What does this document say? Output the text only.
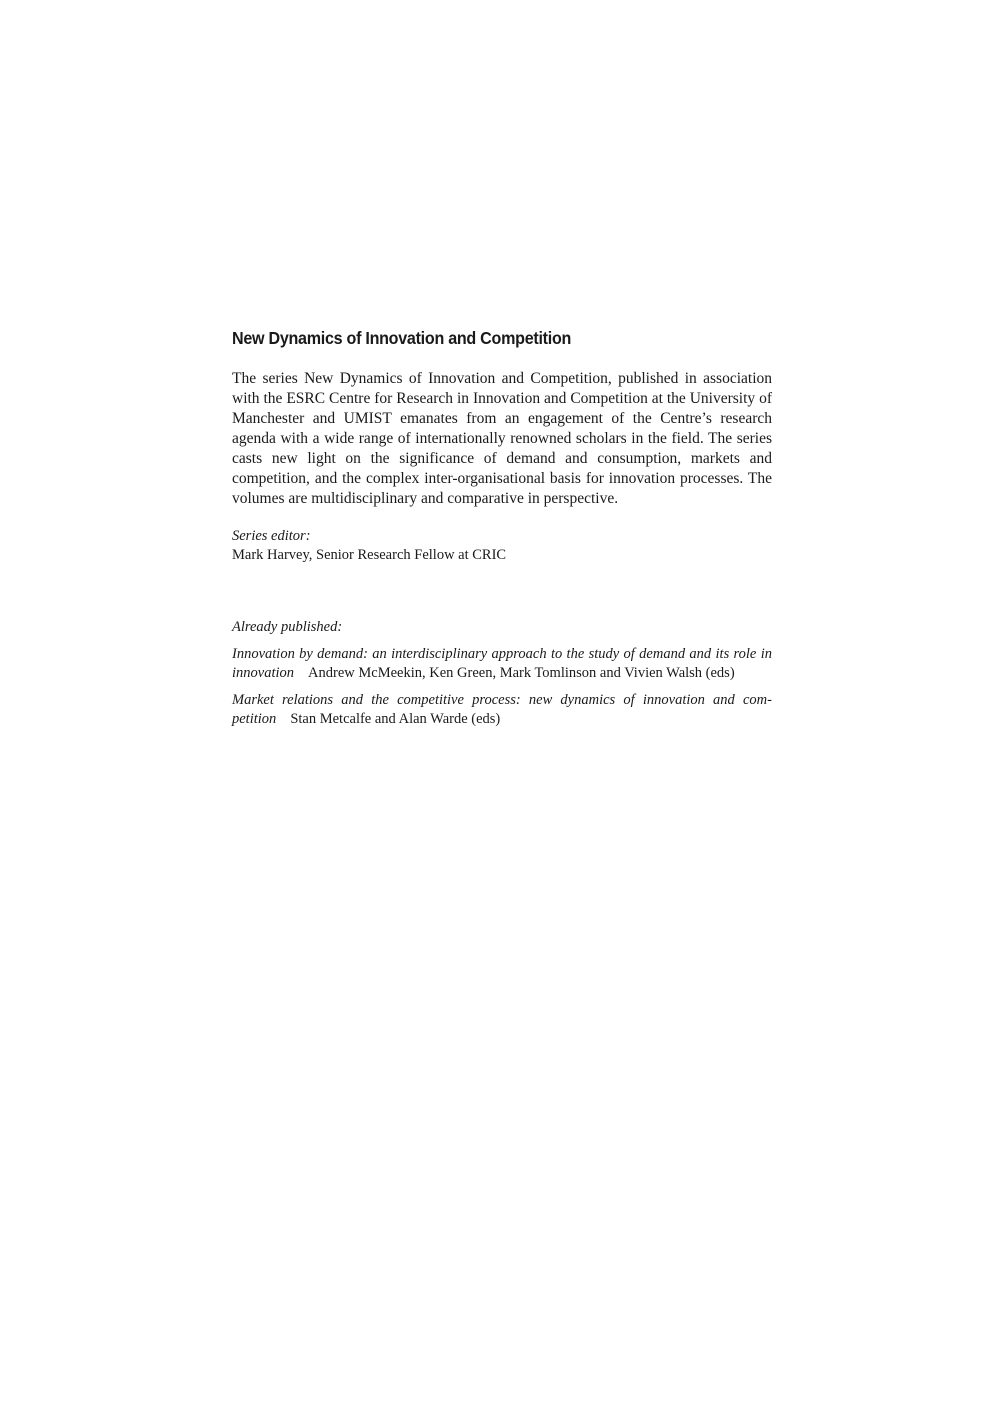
New Dynamics of Innovation and Competition

The series New Dynamics of Innovation and Competition, published in association with the ESRC Centre for Research in Innovation and Competition at the University of Manchester and UMIST emanates from an engagement of the Centre’s research agenda with a wide range of internationally renowned scholars in the field. The series casts new light on the significance of demand and consumption, markets and competition, and the complex inter-organisational basis for innovation processes. The volumes are multidisciplinary and comparative in perspective.

Series editor:
Mark Harvey, Senior Research Fellow at CRIC
Already published:
Innovation by demand: an interdisciplinary approach to the study of demand and its role in innovation Andrew McMeekin, Ken Green, Mark Tomlinson and Vivien Walsh (eds)
Market relations and the competitive process: new dynamics of innovation and competition Stan Metcalfe and Alan Warde (eds)
